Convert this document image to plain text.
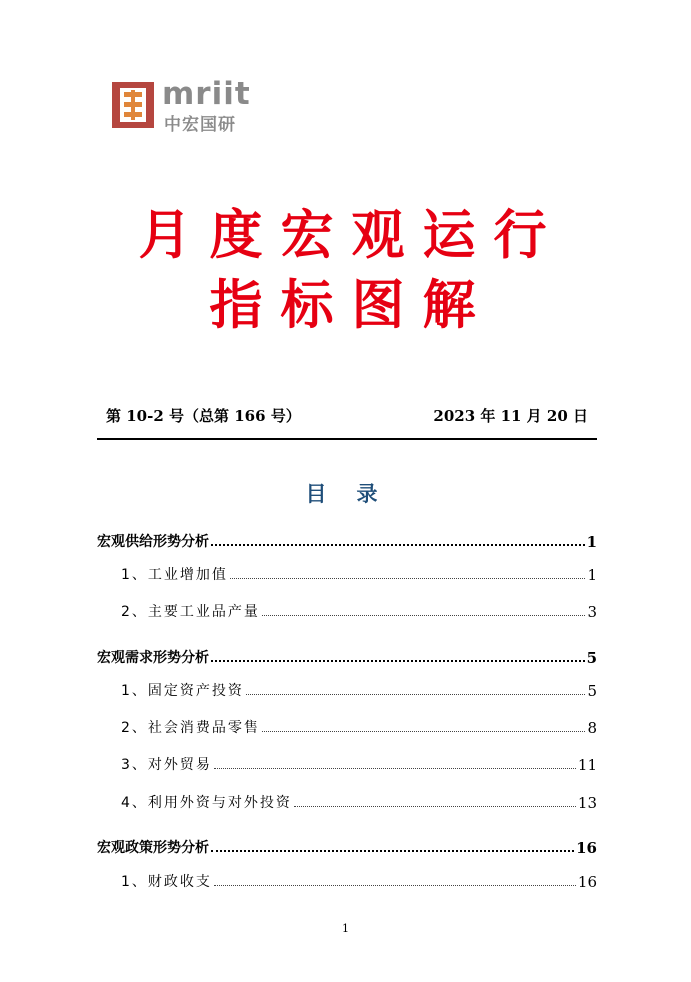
mriit
中宏国研
月度宏观运行
指标图解
第 10-2 号（总第 166 号）	2023 年 11 月 20 日
目录
宏观供给形势分析	1
1、工业增加值	1
2、主要工业品产量	3
宏观需求形势分析	5
1、固定资产投资	5
2、社会消费品零售	8
3、对外贸易	11
4、利用外资与对外投资	13
宏观政策形势分析	16
1、财政收支	16
1
